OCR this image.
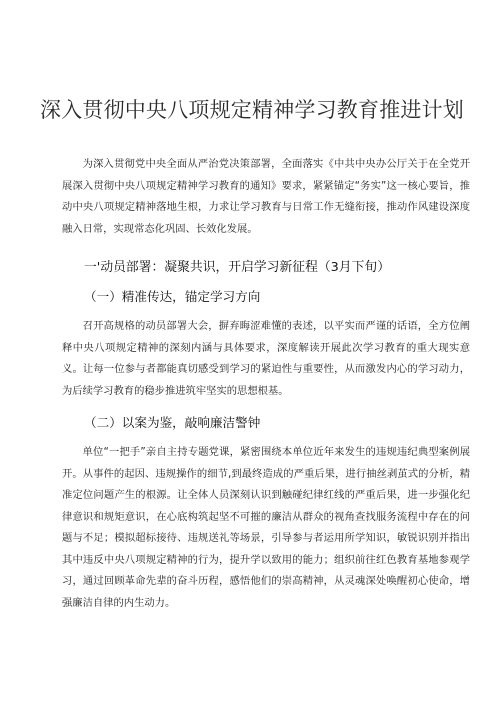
深入贯彻中央八项规定精神学习教育推进计划

为深入贯彻党中央全面从严治党决策部署，全面落实《中共中央办公厅关于在全党开展深入贯彻中央八项规定精神学习教育的通知》要求，紧紧锚定“务实”这一核心要旨，推动中央八项规定精神落地生根，力求让学习教育与日常工作无缝衔接，推动作风建设深度融入日常，实现常态化巩固、长效化发展。

一'动员部署：凝聚共识，开启学习新征程（3月下旬）
（一）精准传达，锚定学习方向

召开高规格的动员部署大会，摒弃晦涩难懂的表述，以平实而严谨的话语，全方位阐释中央八项规定精神的深刻内涵与具体要求，深度解读开展此次学习教育的重大现实意义。让每一位参与者都能真切感受到学习的紧迫性与重要性，从而激发内心的学习动力，为后续学习教育的稳步推进筑牢坚实的思想根基。

（二）以案为鉴，敲响廉洁警钟

单位“一把手”亲自主持专题党课，紧密围绕本单位近年来发生的违规违纪典型案例展开。从事件的起因、违规操作的细节,到最终造成的严重后果，进行抽丝剥茧式的分析，精准定位问题产生的根源。让全体人员深刻认识到触碰纪律红线的严重后果，进一步强化纪律意识和规矩意识，在心底构筑起坚不可摧的廉洁从群众的视角查找服务流程中存在的问题与不足；模拟超标接待、违规送礼等场景，引导参与者运用所学知识，敏锐识别并指出其中违反中央八项规定精神的行为，提升学以致用的能力；组织前往红色教育基地参观学习，通过回顾革命先辈的奋斗历程，感悟他们的崇高精神，从灵魂深处唤醒初心使命，增强廉洁自律的内生动力。
